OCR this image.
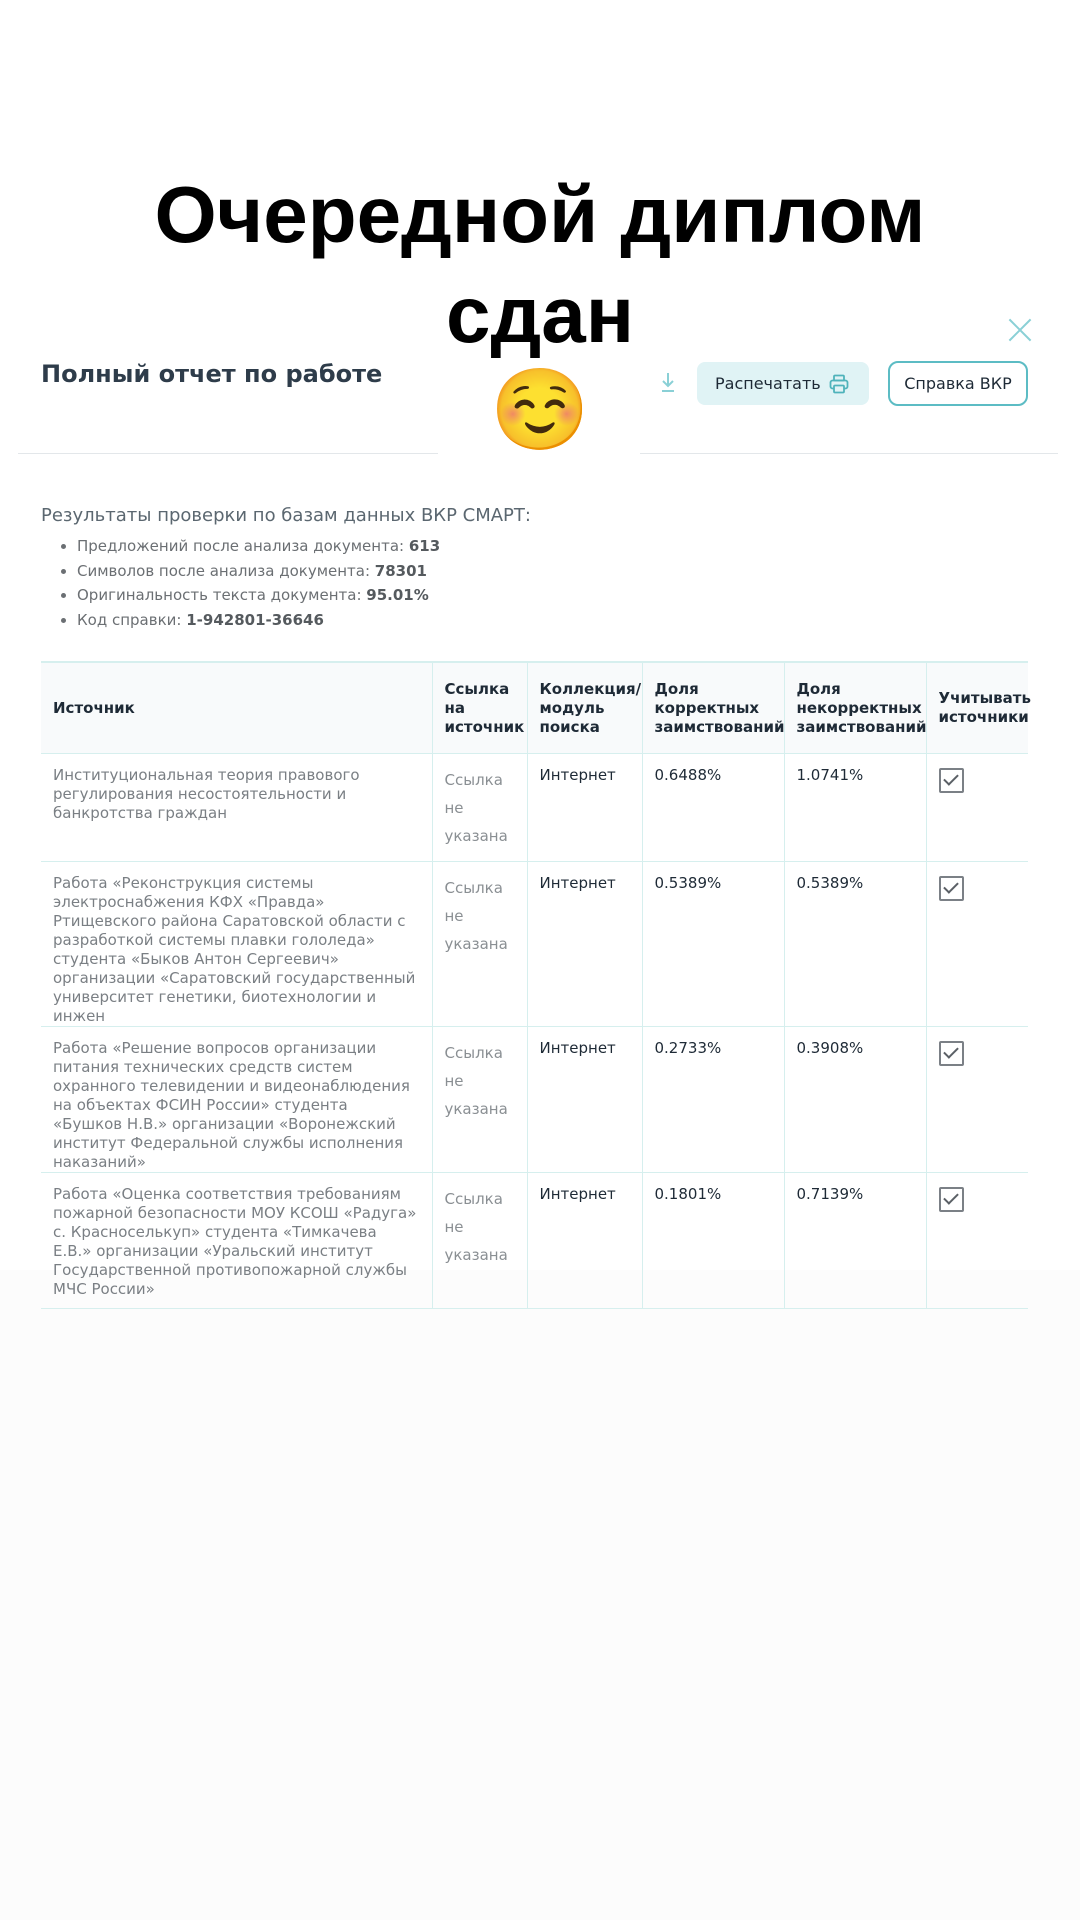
Полный отчет по работе	Распечатать	Справка ВКР
Результаты проверки по базам данных ВКР СМАРТ:
• Предложений после анализа документа: 613
• Символов после анализа документа: 78301
• Оригинальность текста документа: 95.01%
• Код справки: 1-942801-36646
Источник	Ссылка на источник	Коллекция/ модуль поиска	Доля корректных заимствований	Доля некорректных заимствований	Учитывать источники
Институциональная теория правового регулирования несостоятельности и банкротства граждан	Ссылка не указана	Интернет	0.6488%	1.0741%	
Работа «Реконструкция системы электроснабжения КФХ «Правда» Ртищевского района Саратовской области с разработкой системы плавки гололеда» студента «Быков Антон Сергеевич» организации «Саратовский государственный университет генетики, биотехнологии и инжен	Ссылка не указана	Интернет	0.5389%	0.5389%	
Работа «Решение вопросов организации питания технических средств систем охранного телевидении и видеонаблюдения на объектах ФСИН России» студента «Бушков Н.В.» организации «Воронежский институт Федеральной службы исполнения наказаний»	Ссылка не указана	Интернет	0.2733%	0.3908%	
Работа «Оценка соответствия требованиям пожарной безопасности МОУ КСОШ «Радуга» с. Красноселькуп» студента «Тимкачева Е.В.» организации «Уральский институт Государственной противопожарной службы МЧС России»	Ссылка не указана	Интернет	0.1801%	0.7139%	
Очередной диплом
сдан
☺️
